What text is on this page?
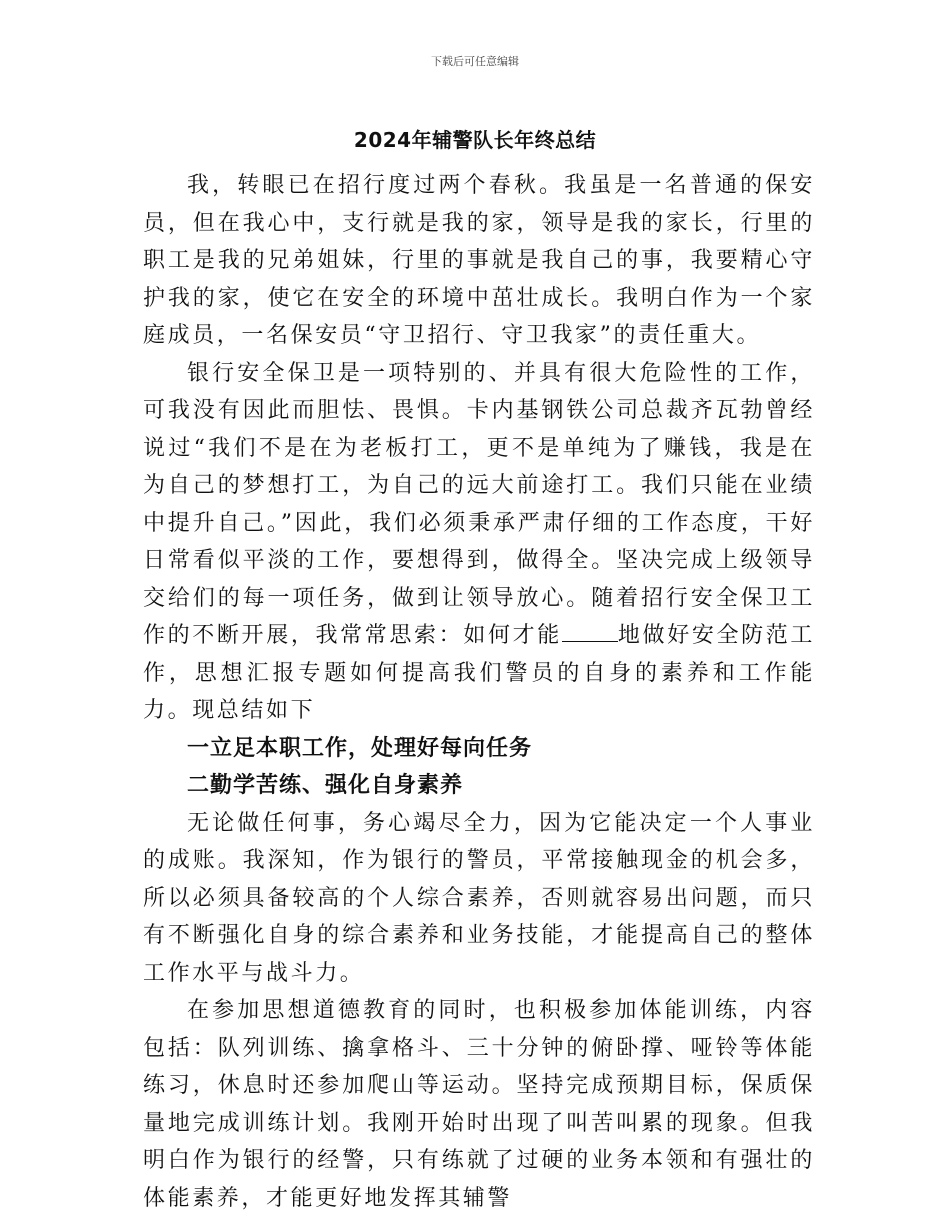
下载后可任意编辑
2024年辅警队长年终总结

我，转眼已在招行度过两个春秋。我虽是一名普通的保安员，但在我心中，支行就是我的家，领导是我的家长，行里的职工是我的兄弟姐妹，行里的事就是我自己的事，我要精心守护我的家，使它在安全的环境中茁壮成长。我明白作为一个家庭成员，一名保安员“守卫招行、守卫我家”的责任重大。

银行安全保卫是一项特别的、并具有很大危险性的工作，可我没有因此而胆怯、畏惧。卡内基钢铁公司总裁齐瓦勃曾经说过“我们不是在为老板打工，更不是单纯为了赚钱，我是在为自己的梦想打工，为自己的远大前途打工。我们只能在业绩中提升自己。”因此，我们必须秉承严肃仔细的工作态度，干好日常看似平淡的工作，要想得到，做得全。坚决完成上级领导交给们的每一项任务，做到让领导放心。随着招行安全保卫工作的不断开展，我常常思索：如何才能	地做好安全防范工作，思想汇报专题如何提高我们警员的自身的素养和工作能力。现总结如下

一立足本职工作，处理好每向任务

二勤学苦练、强化自身素养

无论做任何事，务心竭尽全力，因为它能决定一个人事业的成账。我深知，作为银行的警员，平常接触现金的机会多，所以必须具备较高的个人综合素养，否则就容易出问题，而只有不断强化自身的综合素养和业务技能，才能提高自己的整体工作水平与战斗力。

在参加思想道德教育的同时，也积极参加体能训练，内容包括：队列训练、擒拿格斗、三十分钟的俯卧撑、哑铃等体能练习，休息时还参加爬山等运动。坚持完成预期目标，保质保量地完成训练计划。我刚开始时出现了叫苦叫累的现象。但我明白作为银行的经警，只有练就了过硬的业务本领和有强壮的体能素养，才能更好地发挥其辅警
